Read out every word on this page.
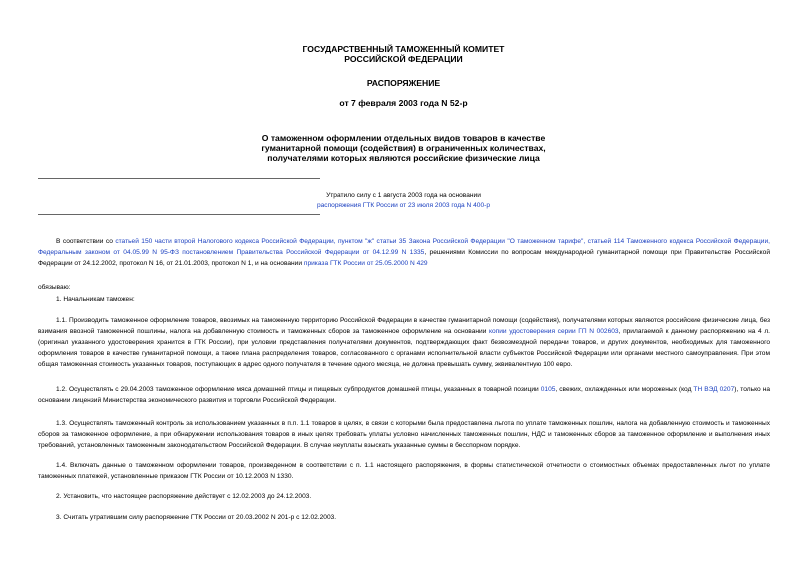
ГОСУДАРСТВЕННЫЙ ТАМОЖЕННЫЙ КОМИТЕТ
РОССИЙСКОЙ ФЕДЕРАЦИИ
РАСПОРЯЖЕНИЕ
от 7 февраля 2003 года N 52-р
О таможенном оформлении отдельных видов товаров в качестве
гуманитарной помощи (содействия) в ограниченных количествах,
получателями которых являются российские физические лица
Утратило силу с 1 августа 2003 года на основании
распоряжения ГТК России от 23 июля 2003 года N 400-р
В соответствии со статьей 150 части второй Налогового кодекса Российской Федерации, пунктом "ж" статьи 35 Закона Российской Федерации "О таможенном тарифе", статьей 114 Таможенного кодекса Российской Федерации, Федеральным законом от 04.05.99 N 95-ФЗ постановлением Правительства Российской Федерации от 04.12.99 N 1335, решениями Комиссии по вопросам международной гуманитарной помощи при Правительстве Российской Федерации от 24.12.2002, протокол N 16, от 21.01.2003, протокол N 1, и на основании приказа ГТК России от 25.05.2000 N 429
обязываю:
1. Начальникам таможен:
1.1. Производить таможенное оформление товаров, ввозимых на таможенную территорию Российской Федерации в качестве гуманитарной помощи (содействия), получателями которых являются российские физические лица, без взимания ввозной таможенной пошлины, налога на добавленную стоимость и таможенных сборов за таможенное оформление на основании копии удостоверения серии ГП N 002603, прилагаемой к данному распоряжению на 4 л. (оригинал указанного удостоверения хранится в ГТК России), при условии представления получателями документов, подтверждающих факт безвозмездной передачи товаров, и других документов, необходимых для таможенного оформления товаров в качестве гуманитарной помощи, а также плана распределения товаров, согласованного с органами исполнительной власти субъектов Российской Федерации или органами местного самоуправления. При этом общая таможенная стоимость указанных товаров, поступающих в адрес одного получателя в течение одного месяца, не должна превышать сумму, эквивалентную 100 евро.
1.2. Осуществлять с 29.04.2003 таможенное оформление мяса домашней птицы и пищевых субпродуктов домашней птицы, указанных в товарной позиции 0105, свежих, охлажденных или мороженых (код ТН ВЭД 0207), только на основании лицензий Министерства экономического развития и торговли Российской Федерации.
1.3. Осуществлять таможенный контроль за использованием указанных в п.п. 1.1 товаров в целях, в связи с которыми была предоставлена льгота по уплате таможенных пошлин, налога на добавленную стоимость и таможенных сборов за таможенное оформление, а при обнаружении использования товаров в иных целях требовать уплаты условно начисленных таможенных пошлин, НДС и таможенных сборов за таможенное оформление и выполнения иных требований, установленных таможенным законодательством Российской Федерации. В случае неуплаты взыскать указанные суммы в бесспорном порядке.
1.4. Включать данные о таможенном оформлении товаров, произведенном в соответствии с п. 1.1 настоящего распоряжения, в формы статистической отчетности о стоимостных объемах предоставленных льгот по уплате таможенных платежей, установленные приказом ГТК России от 10.12.2003 N 1330.
2. Установить, что настоящее распоряжение действует с 12.02.2003 до 24.12.2003.
3. Считать утратившим силу распоряжение ГТК России от 20.03.2002 N 201-р с 12.02.2003.
